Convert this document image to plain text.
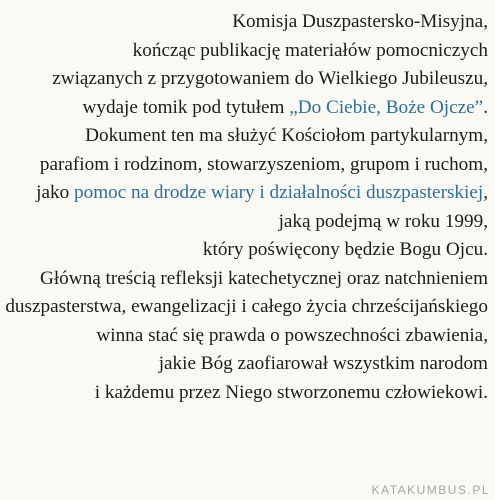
Komisja Duszpastersko-Misyjna,
kończąc publikację materiałów pomocniczych
związanych z przygotowaniem do Wielkiego Jubileuszu,
wydaje tomik pod tytułem „Do Ciebie, Boże Ojcze”.
Dokument ten ma służyć Kościołom partykularnym,
parafiom i rodzinom, stowarzyszeniom, grupom i ruchom,
jako pomoc na drodze wiary i działalności duszpasterskiej,
jaką podejmą w roku 1999,
który poświęcony będzie Bogu Ojcu.
Główną treścią refleksji katechetycznej oraz natchnieniem
duszpasterstwa, ewangelizacji i całego życia chrześcijańskiego
winna stać się prawda o powszechności zbawienia,
jakie Bóg zaofiarował wszystkim narodom
i każdemu przez Niego stworzonemu człowiekowi.
KATAKUMBUS.PL
